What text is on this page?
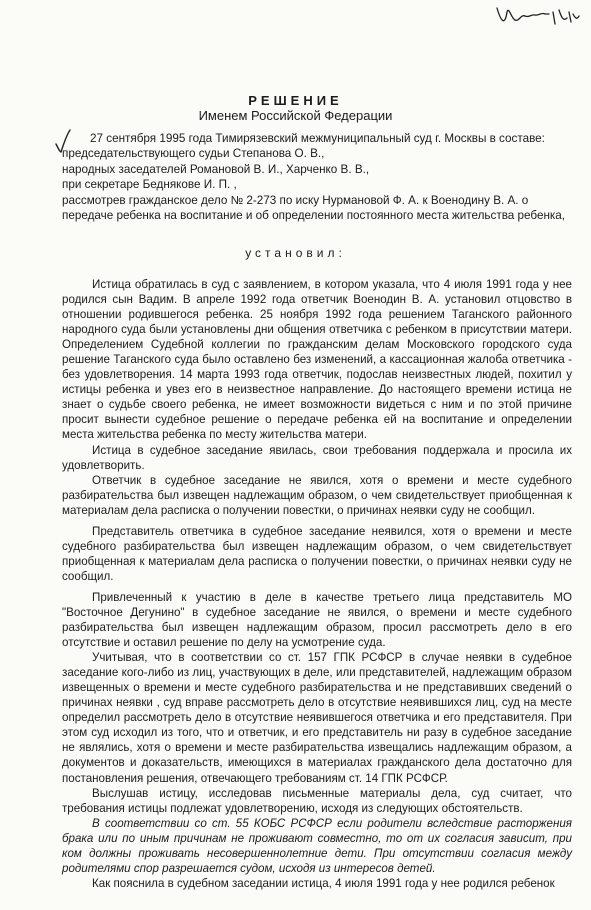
РЕШЕНИЕ
Именем Российской Федерации

27 сентября 1995 года Тимирязевский межмуниципальный суд г. Москвы в составе:

председательствующего судьи Степанова О. В.,

народных заседателей Романовой В. И., Харченко В. В.,

при секретаре Беднякове И. П. ,

рассмотрев гражданское дело № 2-273 по иску Нурмановой Ф. А. к Военодину В. А. о передаче ребенка на воспитание и об определении постоянного места жительства ребенка,

установил:

Истица обратилась в суд с заявлением, в котором указала, что 4 июля 1991 года у нее родился сын Вадим. В апреле 1992 года ответчик Военодин В. А. установил отцовство в отношении родившегося ребенка. 25 ноября 1992 года решением Таганского районного народного суда были установлены дни общения ответчика с ребенком в присутствии матери. Определением Судебной коллегии по гражданским делам Московского городского суда решение Таганского суда было оставлено без изменений, а кассационная жалоба ответчика - без удовлетворения. 14 марта 1993 года ответчик, подослав неизвестных людей, похитил у истицы ребенка и увез его в неизвестное направление. До настоящего времени истица не знает о судьбе своего ребенка, не имеет возможности видеться с ним и по этой причине просит вынести судебное решение о передаче ребенка ей на воспитание и определении места жительства ребенка по месту жительства матери.

Истица в судебное заседание явилась, свои требования поддержала и просила их удовлетворить.

Ответчик в судебное заседание не явился, хотя о времени и месте судебного разбирательства был извещен надлежащим образом, о чем свидетельствует приобщенная к материалам дела расписка о получении повестки, о причинах неявки суду не сообщил.

Представитель ответчика в судебное заседание неявился, хотя о времени и месте судебного разбирательства был извещен надлежащим образом, о чем свидетельствует приобщенная к материалам дела расписка о получении повестки, о причинах неявки суду не сообщил.

Привлеченный к участию в деле в качестве третьего лица представитель МО "Восточное Дегунино" в судебное заседание не явился, о времени и месте судебного разбирательства был извещен надлежащим образом, просил рассмотреть дело в его отсутствие и оставил решение по делу на усмотрение суда.

Учитывая, что в соответствии со ст. 157 ГПК РСФСР в случае неявки в судебное заседание кого-либо из лиц, участвующих в деле, или представителей, надлежащим образом извещенных о времени и месте судебного разбирательства и не представивших сведений о причинах неявки , суд вправе рассмотреть дело в отсутствие неявившихся лиц, суд на месте определил рассмотреть дело в отсутствие неявившегося ответчика и его представителя. При этом суд исходил из того, что и ответчик, и его представитель ни разу в судебное заседание не являлись, хотя о времени и месте разбирательства извещались надлежащим образом, а документов и доказательств, имеющихся в материалах гражданского дела достаточно для постановления решения, отвечающего требованиям ст. 14 ГПК РСФСР.

Выслушав истицу, исследовав письменные материалы дела, суд считает, что требования истицы подлежат удовлетворению, исходя из следующих обстоятельств.

В соответствии со ст. 55 КОБС РСФСР если родители вследствие расторжения брака или по иным причинам не проживают совместно, то от их согласия зависит, при ком должны проживать несовершеннолетние дети. При отсутствии согласия между родителями спор разрешается судом, исходя из интересов детей.

Как пояснила в судебном заседании истица, 4 июля 1991 года у нее родился ребенок
